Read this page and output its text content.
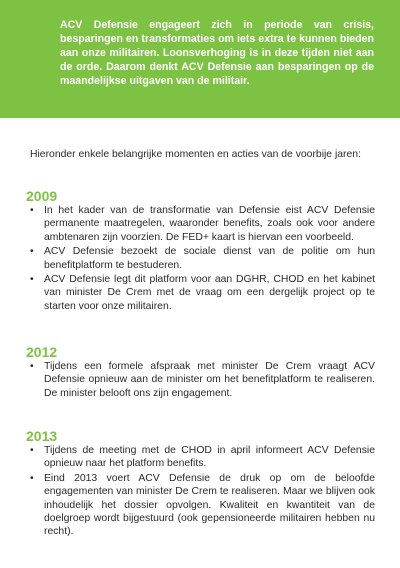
ACV Defensie engageert zich in periode van crisis, besparingen en transformaties om iets extra te kunnen bieden aan onze militairen. Loonsverhoging is in deze tijden niet aan de orde. Daarom denkt ACV Defensie aan besparingen op de maandelijkse uitgaven van de militair.

Hieronder enkele belangrijke momenten en acties van de voorbije jaren:

2009
• In het kader van de transformatie van Defensie eist ACV Defensie permanente maatregelen, waaronder benefits, zoals ook voor andere ambtenaren zijn voorzien. De FED+ kaart is hiervan een voorbeeld.
• ACV Defensie bezoekt de sociale dienst van de politie om hun benefitplatform te bestuderen.
• ACV Defensie legt dit platform voor aan DGHR, CHOD en het kabinet van minister De Crem met de vraag om een dergelijk project op te starten voor onze militairen.
2012
• Tijdens een formele afspraak met minister De Crem vraagt ACV Defensie opnieuw aan de minister om het benefitplatform te realiseren. De minister belooft ons zijn engagement.
2013
• Tijdens de meeting met de CHOD in april informeert ACV Defensie opnieuw naar het platform benefits.
• Eind 2013 voert ACV Defensie de druk op om de beloofde engagementen van minister De Crem te realiseren. Maar we blijven ook inhoudelijk het dossier opvolgen. Kwaliteit en kwantiteit van de doelgroep wordt bijgestuurd (ook gepensioneerde militairen hebben nu recht).
